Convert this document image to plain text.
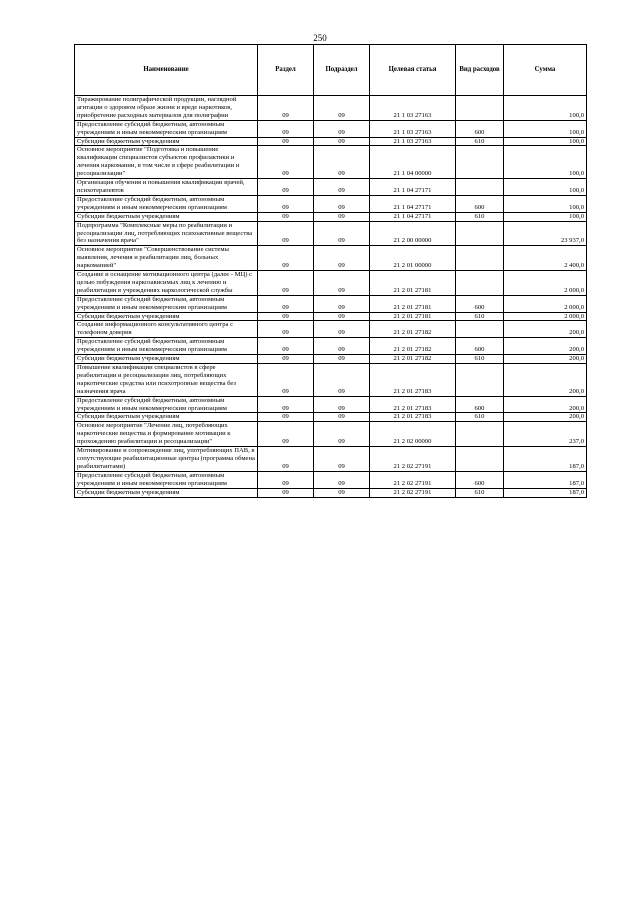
250
Наименование	Раздел	Подраздел	Целевая статья	Вид расходов	Сумма
Тиражирование полиграфической продукции, наглядной агитации о здоровом образе жизни и вреде наркотиков, приобретение расходных материалов для полиграфии	09	09	21 1 03 27163		100,0
Предоставление субсидий бюджетным, автономным учреждениям и иным некоммерческим организациям	09	09	21 1 03 27163	600	100,0
Субсидии бюджетным учреждениям	09	09	21 1 03 27163	610	100,0
Основное мероприятие "Подготовка и повышение квалификации специалистов субъектов профилактики и лечения наркомании, в том числе в сфере реабилитации и ресоциализации"	09	09	21 1 04 00000		100,0
Организация обучения и повышения квалификации врачей, психотерапевтов	09	09	21 1 04 27171		100,0
Предоставление субсидий бюджетным, автономным учреждениям и иным некоммерческим организациям	09	09	21 1 04 27171	600	100,0
Субсидии бюджетным учреждениям	09	09	21 1 04 27171	610	100,0
Подпрограмма "Комплексные меры по реабилитации и ресоциализации лиц, потребляющих психоактивные вещества без назначения врача"	09	09	21 2 00 00000		23 937,0
Основное мероприятие "Совершенствование системы выявления, лечения и реабилитации лиц, больных наркоманией"	09	09	21 2 01 00000		2 400,0
Создание и оснащение мотивационного центра (далее - МЦ) с целью побуждения наркозависимых лиц к лечению и реабилитации в учреждениях наркологической службы	09	09	21 2 01 27181		2 000,0
Предоставление субсидий бюджетным, автономным учреждениям и иным некоммерческим организациям	09	09	21 2 01 27181	600	2 000,0
Субсидии бюджетным учреждениям	09	09	21 2 01 27181	610	2 000,0
Создание информационного консультативного центра с телефоном доверия	09	09	21 2 01 27182		200,0
Предоставление субсидий бюджетным, автономным учреждениям и иным некоммерческим организациям	09	09	21 2 01 27182	600	200,0
Субсидии бюджетным учреждениям	09	09	21 2 01 27182	610	200,0
Повышение квалификации специалистов в сфере реабилитации и ресоциализации лиц, потребляющих наркотические средства или психотропные вещества без назначения врача	09	09	21 2 01 27183		200,0
Предоставление субсидий бюджетным, автономным учреждениям и иным некоммерческим организациям	09	09	21 2 01 27183	600	200,0
Субсидии бюджетным учреждениям	09	09	21 2 01 27183	610	200,0
Основное мероприятие "Лечение лиц, потребляющих наркотические вещества и формирование мотивации к прохождению реабилитации и ресоциализации"	09	09	21 2 02 00000		237,0
Мотивирование и сопровождение лиц, употребляющих ПАВ, в сопутствующие реабилитационные центры (программа обмена реабилитантами)	09	09	21 2 02 27191		187,0
Предоставление субсидий бюджетным, автономным учреждениям и иным некоммерческим организациям	09	09	21 2 02 27191	600	187,0
Субсидии бюджетным учреждениям	09	09	21 2 02 27191	610	187,0
